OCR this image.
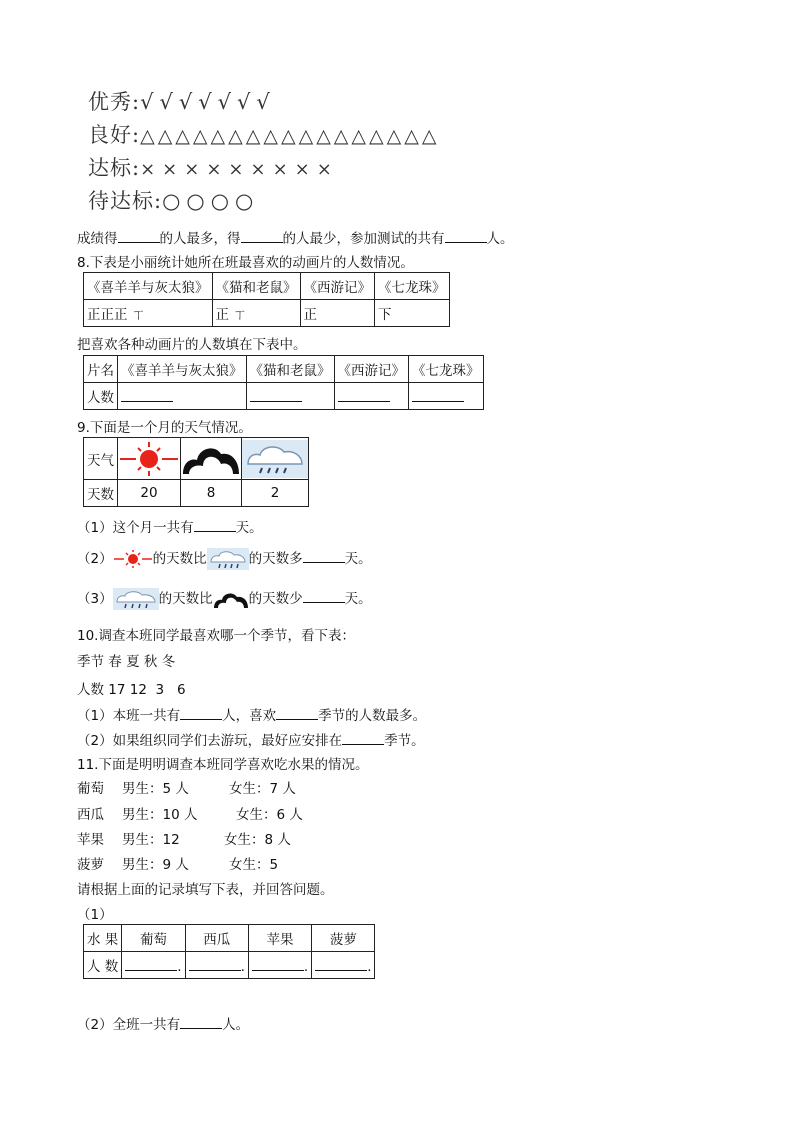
优秀:√√√√√√√
良好:△△△△△△△△△△△△△△△△△
达标:×××××××××
待达标:○○○○
成绩得	的人最多，得	的人最少，参加测试的共有	人。
8.下表是小丽统计她所在班最喜欢的动画片的人数情况。
《喜羊羊与灰太狼》	《猫和老鼠》	《西游记》	《七龙珠》
正正正 ㄒ	正 ㄒ	正	下
把喜欢各种动画片的人数填在下表中。
片名	《喜羊羊与灰太狼》	《猫和老鼠》	《西游记》	《七龙珠》
人数				
9.下面是一个月的天气情况。
天气			
天数	20	8	2
（1）这个月一共有	天。
（2）	的天数比	的天数多	天。
（3）	的天数比	的天数少	天。
10.调查本班同学最喜欢哪一个季节，看下表：
季节 春 夏 秋 冬
人数 17 12  3   6
（1）本班一共有	人，喜欢	季节的人数最多。
（2）如果组织同学们去游玩，最好应安排在	季节。
11.下面是明明调查本班同学喜欢吃水果的情况。
葡萄 男生：5 人	女生：7 人
西瓜 男生：10 人	女生：6 人
苹果 男生：12	女生：8 人
菠萝 男生：9 人	女生：5
请根据上面的记录填写下表，并回答问题。
（1）
水 果	葡萄	西瓜	苹果	菠萝
人 数	.	.	.	.
（2）全班一共有	人。
